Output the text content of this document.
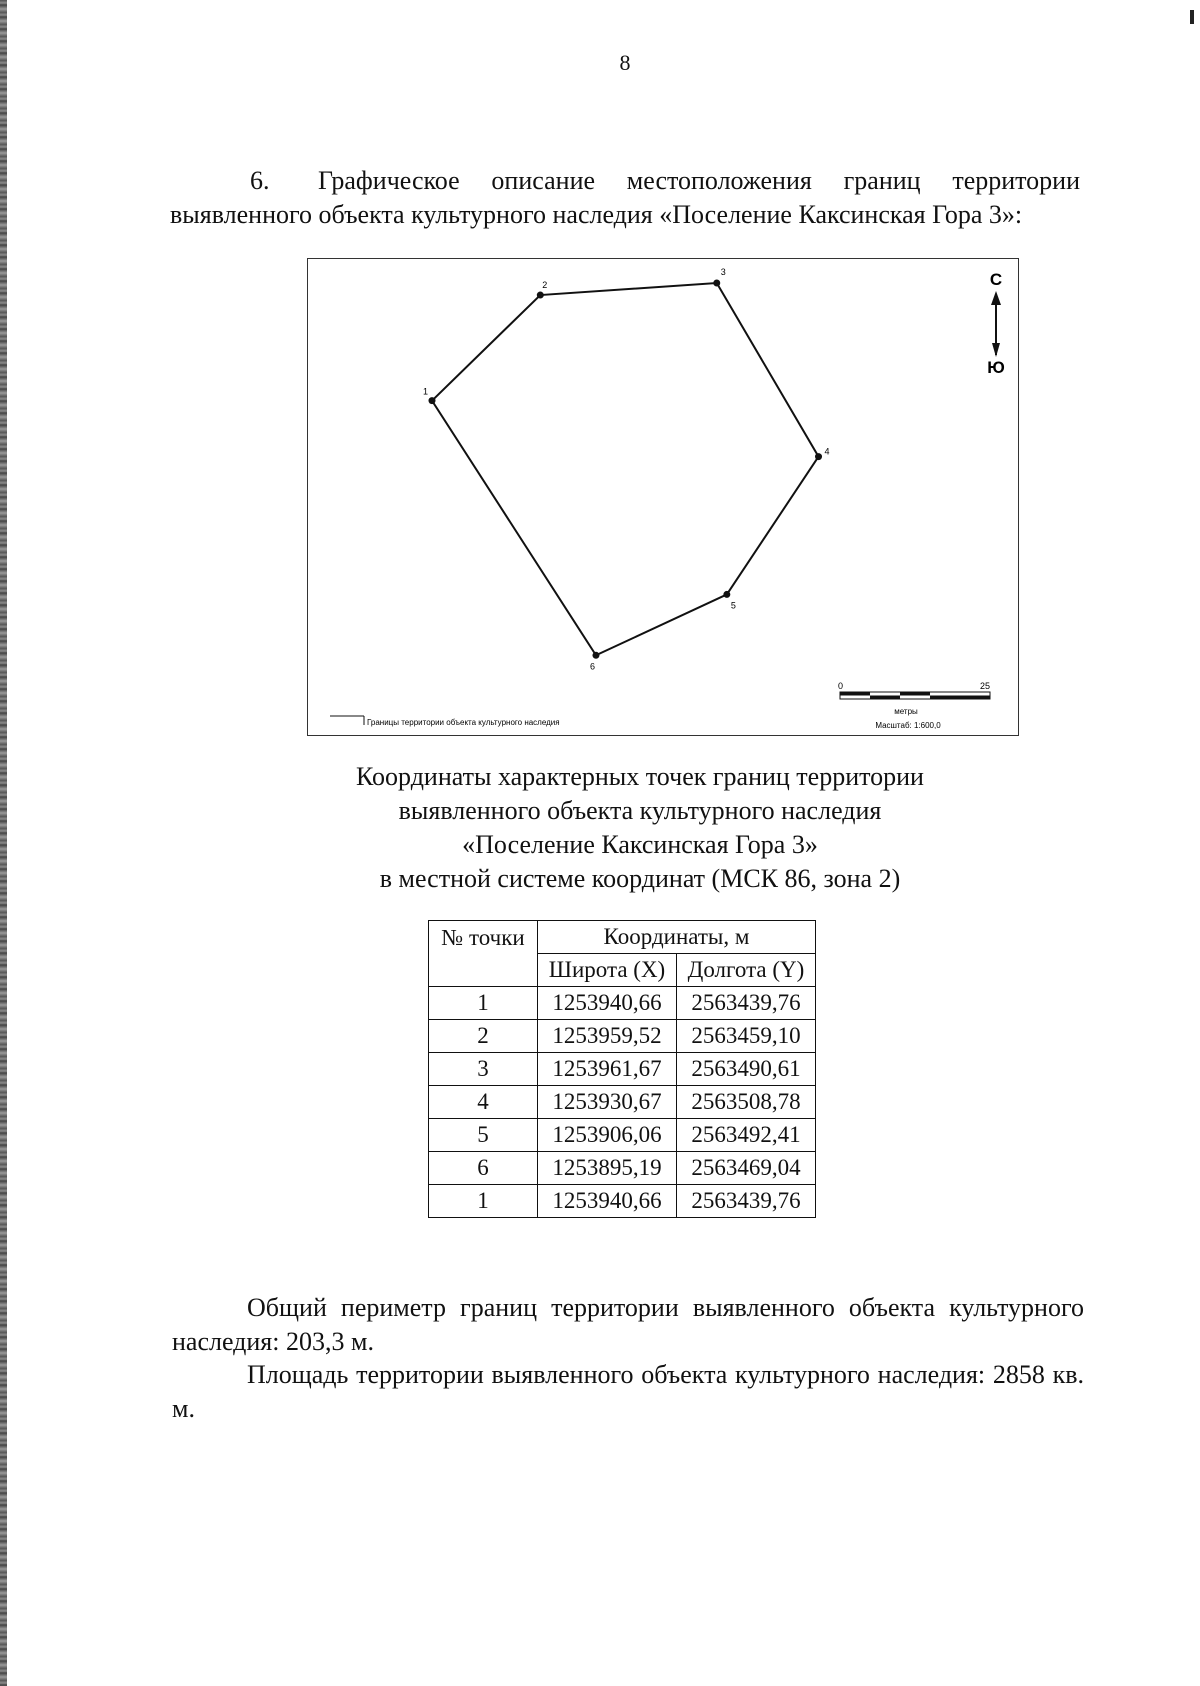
8

6. Графическое описание местоположения границ территории выявленного объекта культурного наследия «Поселение Каксинская Гора 3»:

1
2
3
4
5
6
С
Ю
0	25
метры
Масштаб: 1:600,0
Границы территории объекта культурного наследия
Координаты характерных точек границ территории
выявленного объекта культурного наследия
«Поселение Каксинская Гора 3»
в местной системе координат (МСК 86, зона 2)
№ точки	Координаты, м	
	Широта (X)	Долгота (Y)
1	1253940,66	2563439,76
2	1253959,52	2563459,10
3	1253961,67	2563490,61
4	1253930,67	2563508,78
5	1253906,06	2563492,41
6	1253895,19	2563469,04
1	1253940,66	2563439,76

Общий периметр границ территории выявленного объекта культурного наследия: 203,3 м.

Площадь территории выявленного объекта культурного наследия: 2858 кв. м.
